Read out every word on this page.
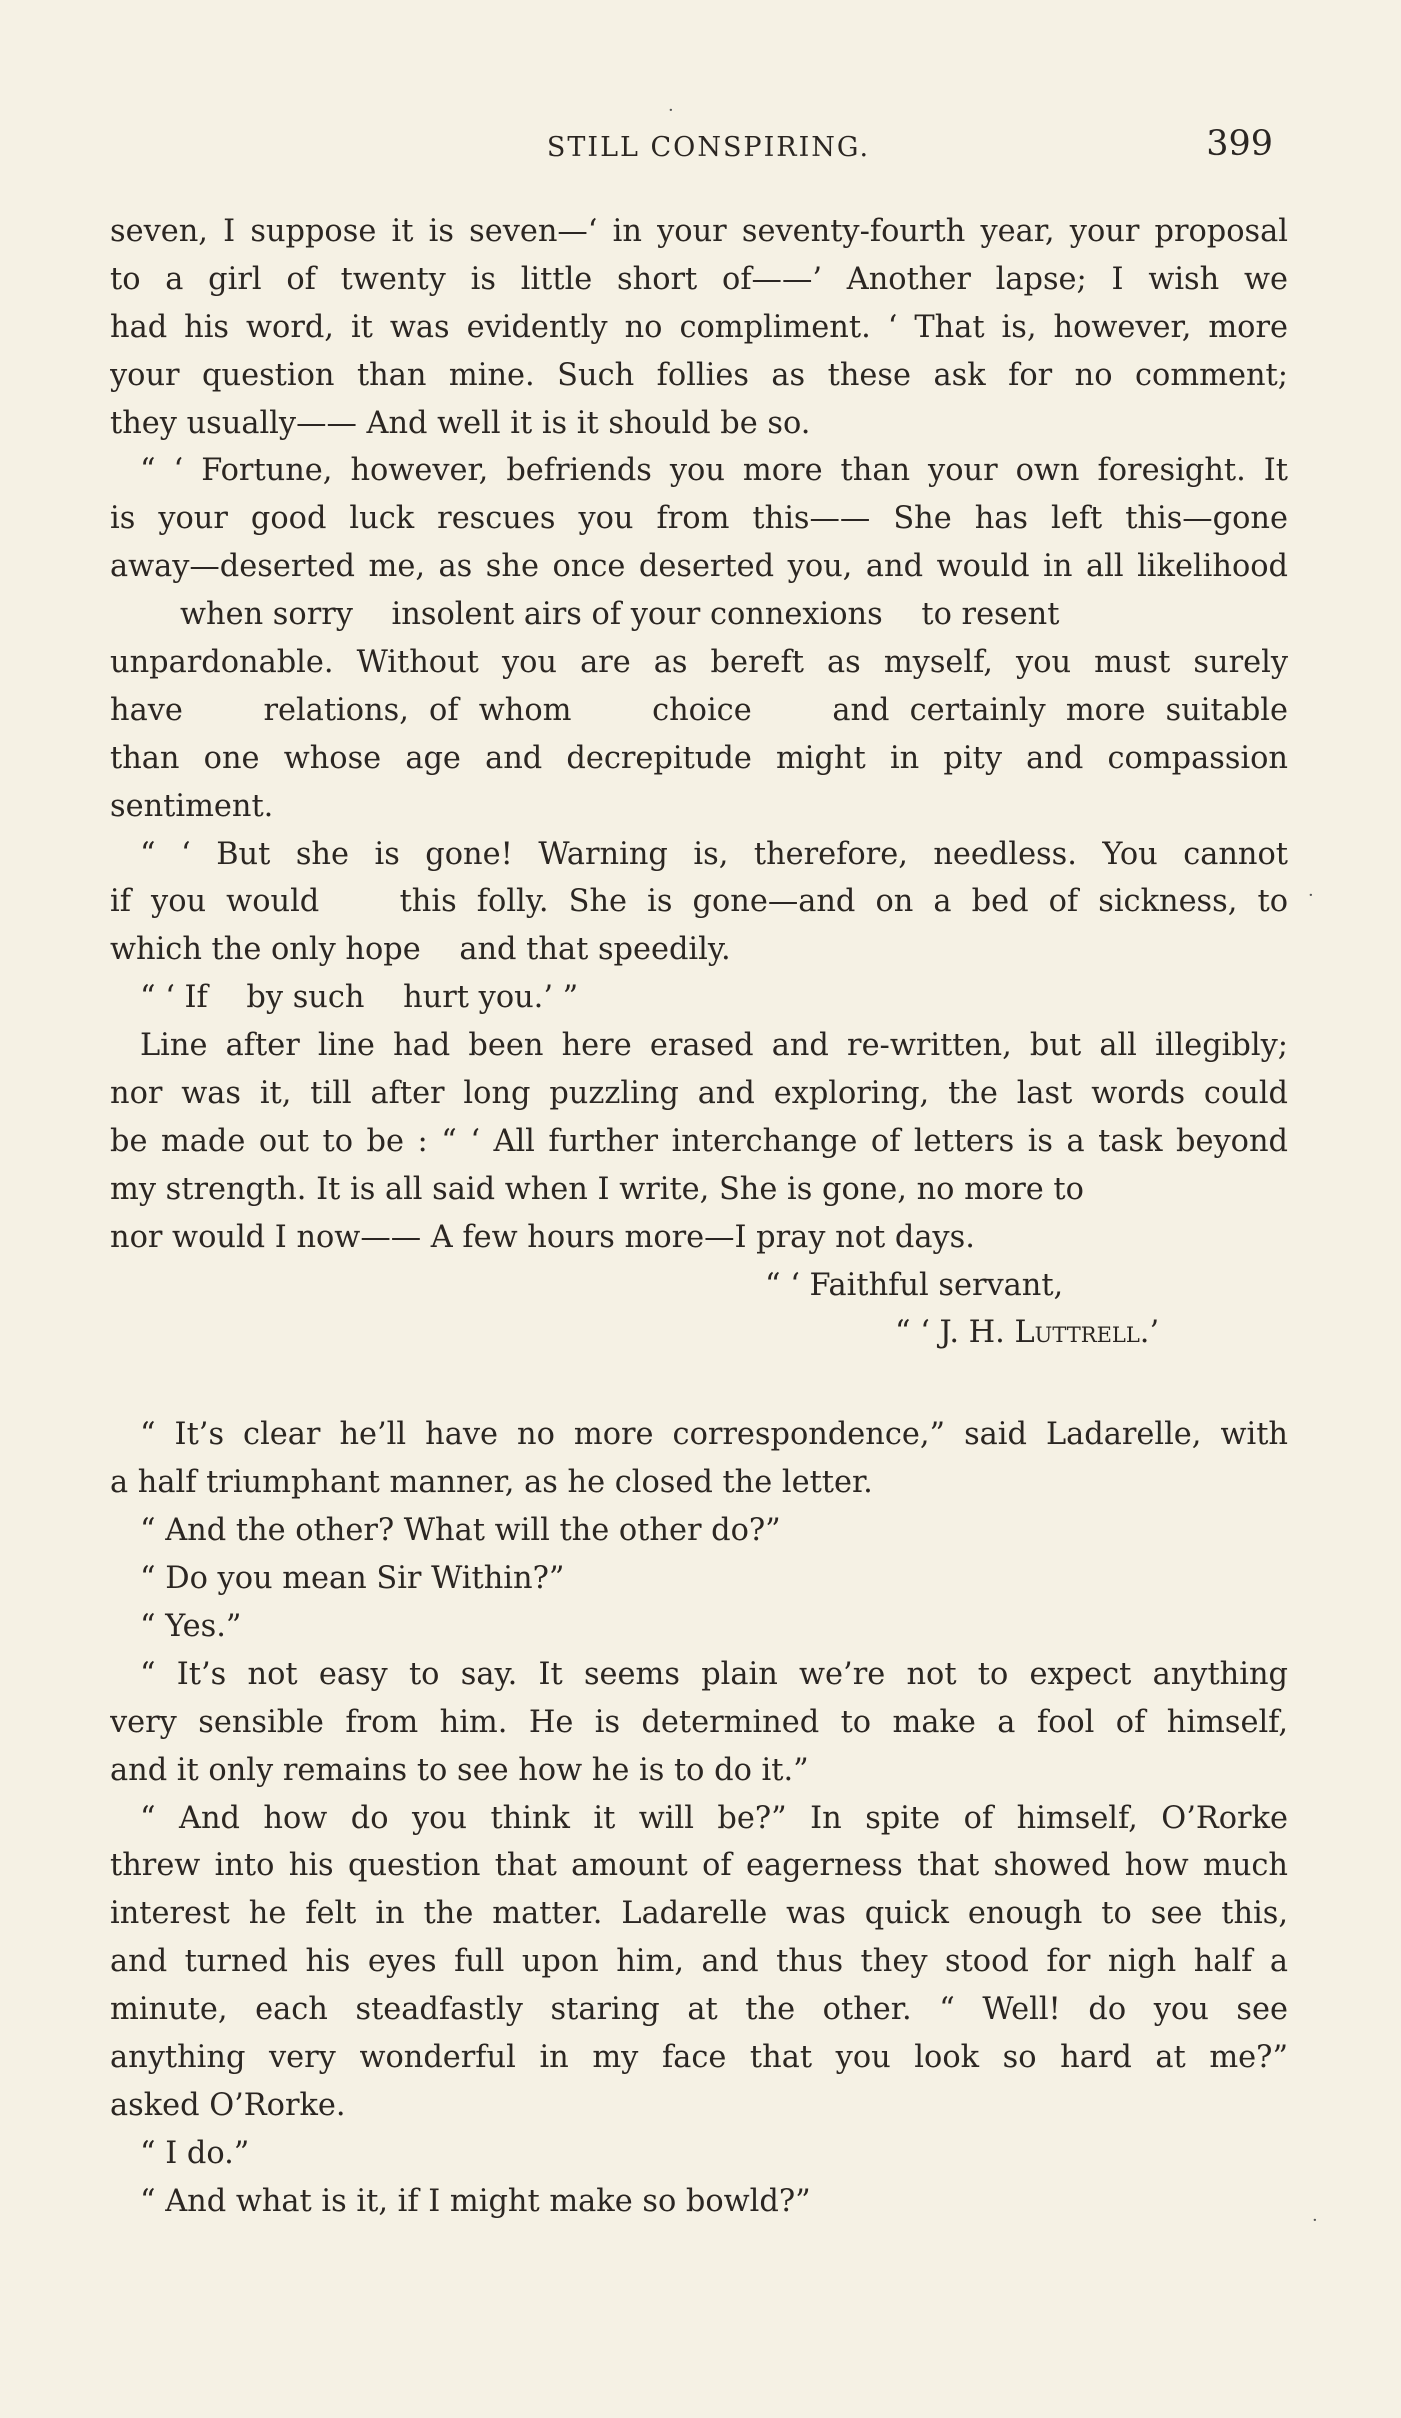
STILL CONSPIRING.	399
seven, I suppose it is seven—‘ in your seventy-fourth year, your proposal
to a girl of twenty is little short of——’ Another lapse; I wish we
had his word, it was evidently no compliment. ‘ That is, however, more
your question than mine. Such follies as these ask for no comment;
they usually—— And well it is it should be so.
“ ‘ Fortune, however, befriends you more than your own foresight. It
is your good luck rescues you from this—— She has left this—gone
away—deserted me, as she once deserted you, and would in all likelihood
when sorry    insolent airs of your connexions    to resent
unpardonable. Without you are as bereft as myself, you must surely
have    relations, of whom    choice    and certainly more suitable
than one whose age and decrepitude might in pity and compassion
sentiment.
“ ‘ But she is gone! Warning is, therefore, needless. You cannot
if you would    this folly. She is gone—and on a bed of sickness, to
which the only hope    and that speedily.
“ ‘ If    by such    hurt you.’ ”
Line after line had been here erased and re-written, but all illegibly;
nor was it, till after long puzzling and exploring, the last words could
be made out to be : “ ‘ All further interchange of letters is a task beyond
my strength. It is all said when I write, She is gone, no more to
nor would I now—— A few hours more—I pray not days.
“ ‘ Faithful servant,
“ ‘ J. H. Luttrell.’
“ It’s clear he’ll have no more correspondence,” said Ladarelle, with
a half triumphant manner, as he closed the letter.
“ And the other? What will the other do?”
“ Do you mean Sir Within?”
“ Yes.”
“ It’s not easy to say. It seems plain we’re not to expect anything
very sensible from him. He is determined to make a fool of himself,
and it only remains to see how he is to do it.”
“ And how do you think it will be?” In spite of himself, O’Rorke
threw into his question that amount of eagerness that showed how much
interest he felt in the matter. Ladarelle was quick enough to see this,
and turned his eyes full upon him, and thus they stood for nigh half a
minute, each steadfastly staring at the other. “ Well! do you see
anything very wonderful in my face that you look so hard at me?”
asked O’Rorke.
“ I do.”
“ And what is it, if I might make so bowld?”
·
·
·
